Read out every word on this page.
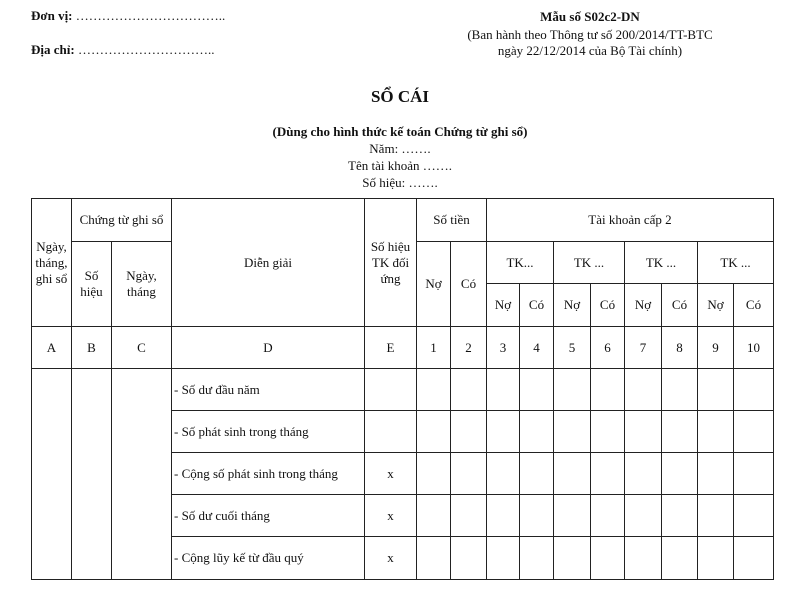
Đơn vị: ……………………………..
Địa chỉ: …………………………..
Mẫu số S02c2-DN
(Ban hành theo Thông tư số 200/2014/TT-BTC
ngày 22/12/2014 của Bộ Tài chính)
SỔ CÁI
(Dùng cho hình thức kế toán Chứng từ ghi sổ)
Năm: …….
Tên tài khoản …….
Số hiệu: …….
Ngày, tháng, ghi sổ	Chứng từ ghi sổ		Diễn giải	Số hiệu TK đối ứng	Số tiền		Tài khoản cấp 2							
	Số hiệu	Ngày, tháng			Nợ	Có	TK...		TK ...		TK ...		TK ...	
							Nợ	Có	Nợ	Có	Nợ	Có	Nợ	Có
A	B	C	D	E	1	2	3	4	5	6	7	8	9	10
			- Số dư đầu năm											
			- Số phát sinh trong tháng											
			- Cộng số phát sinh trong tháng	x										
			- Số dư cuối tháng	x										
			- Cộng lũy kế từ đầu quý	x										
